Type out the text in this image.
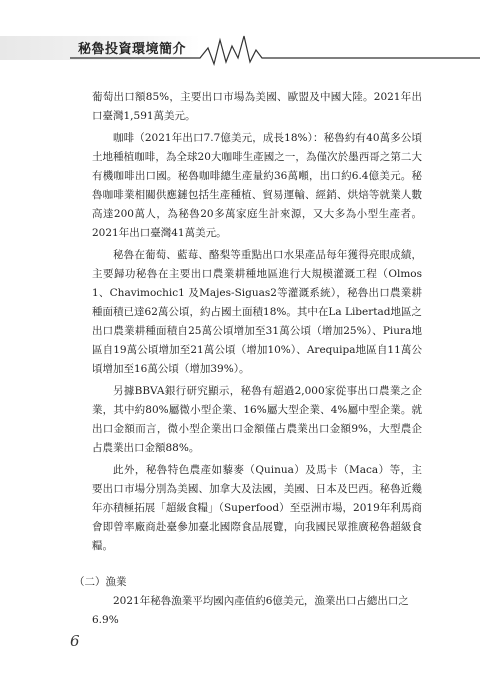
秘魯投資環境簡介

葡萄出口額85%，主要出口市場為美國、歐盟及中國大陸。2021年出口臺灣1,591萬美元。

咖啡（2021年出口7.7億美元，成長18%）：秘魯約有40萬多公頃土地種植咖啡，為全球20大咖啡生產國之一，為僅次於墨西哥之第二大有機咖啡出口國。秘魯咖啡總生產量約36萬噸，出口約6.4億美元。秘魯咖啡業相關供應鏈包括生產種植、貿易運輸、經銷、烘焙等就業人數高達200萬人，為秘魯20多萬家庭生計來源，又大多為小型生產者。2021年出口臺灣41萬美元。

秘魯在葡萄、藍莓、酪梨等重點出口水果產品每年獲得亮眼成績，主要歸功秘魯在主要出口農業耕種地區進行大規模灌溉工程（Olmos 1、Chavimochic1 及Majes-Siguas2等灌溉系統），秘魯出口農業耕種面積已達62萬公頃，約占國土面積18%。其中在La Libertad地區之出口農業耕種面積自25萬公頃增加至31萬公頃（增加25%）、Piura地區自19萬公頃增加至21萬公頃（增加10%）、Arequipa地區自11萬公頃增加至16萬公頃（增加39%）。

另據BBVA銀行研究顯示，秘魯有超過2,000家從事出口農業之企業，其中約80%屬微小型企業、16%屬大型企業、4%屬中型企業。就出口金額而言，微小型企業出口金額僅占農業出口金額9%，大型農企占農業出口金額88%。

此外，秘魯特色農產如藜麥（Quinua）及馬卡（Maca）等，主要出口市場分別為美國、加拿大及法國，美國、日本及巴西。秘魯近幾年亦積極拓展「超級食糧」（Superfood）至亞洲市場，2019年利馬商會即曾率廠商赴臺參加臺北國際食品展覽，向我國民眾推廣秘魯超級食糧。

（二）漁業
2021年秘魯漁業平均國內產值約6億美元，漁業出口占總出口之6.9%
6
